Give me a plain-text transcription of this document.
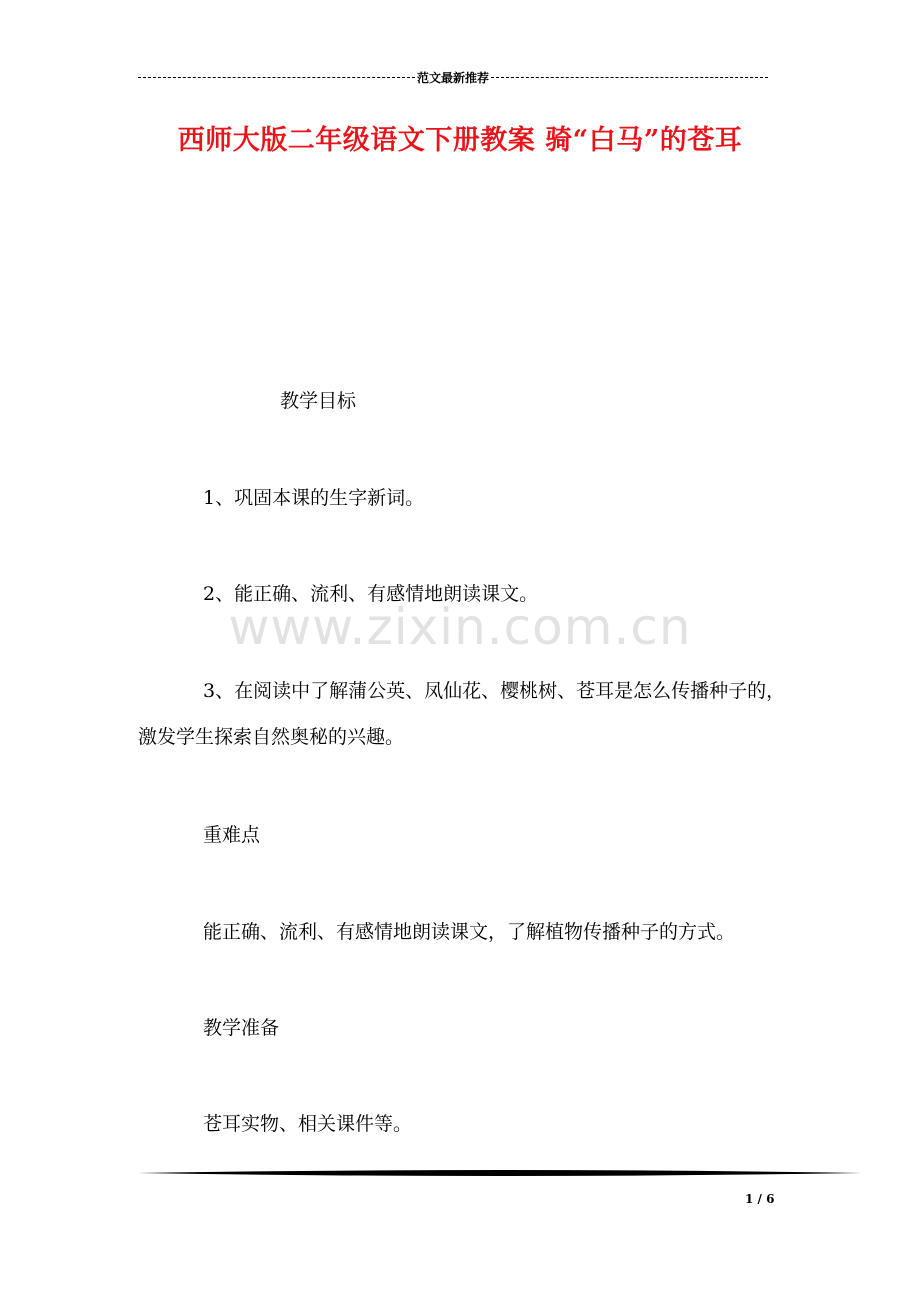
范文最新推荐
西师大版二年级语文下册教案 骑“白马”的苍耳
www.zixin.com.cn

教学目标

1、巩固本课的生字新词。

2、能正确、流利、有感情地朗读课文。

3、在阅读中了解蒲公英、凤仙花、樱桃树、苍耳是怎么传播种子的，激发学生探索自然奥秘的兴趣。

重难点

能正确、流利、有感情地朗读课文，了解植物传播种子的方式。

教学准备

苍耳实物、相关课件等。

1 / 6
